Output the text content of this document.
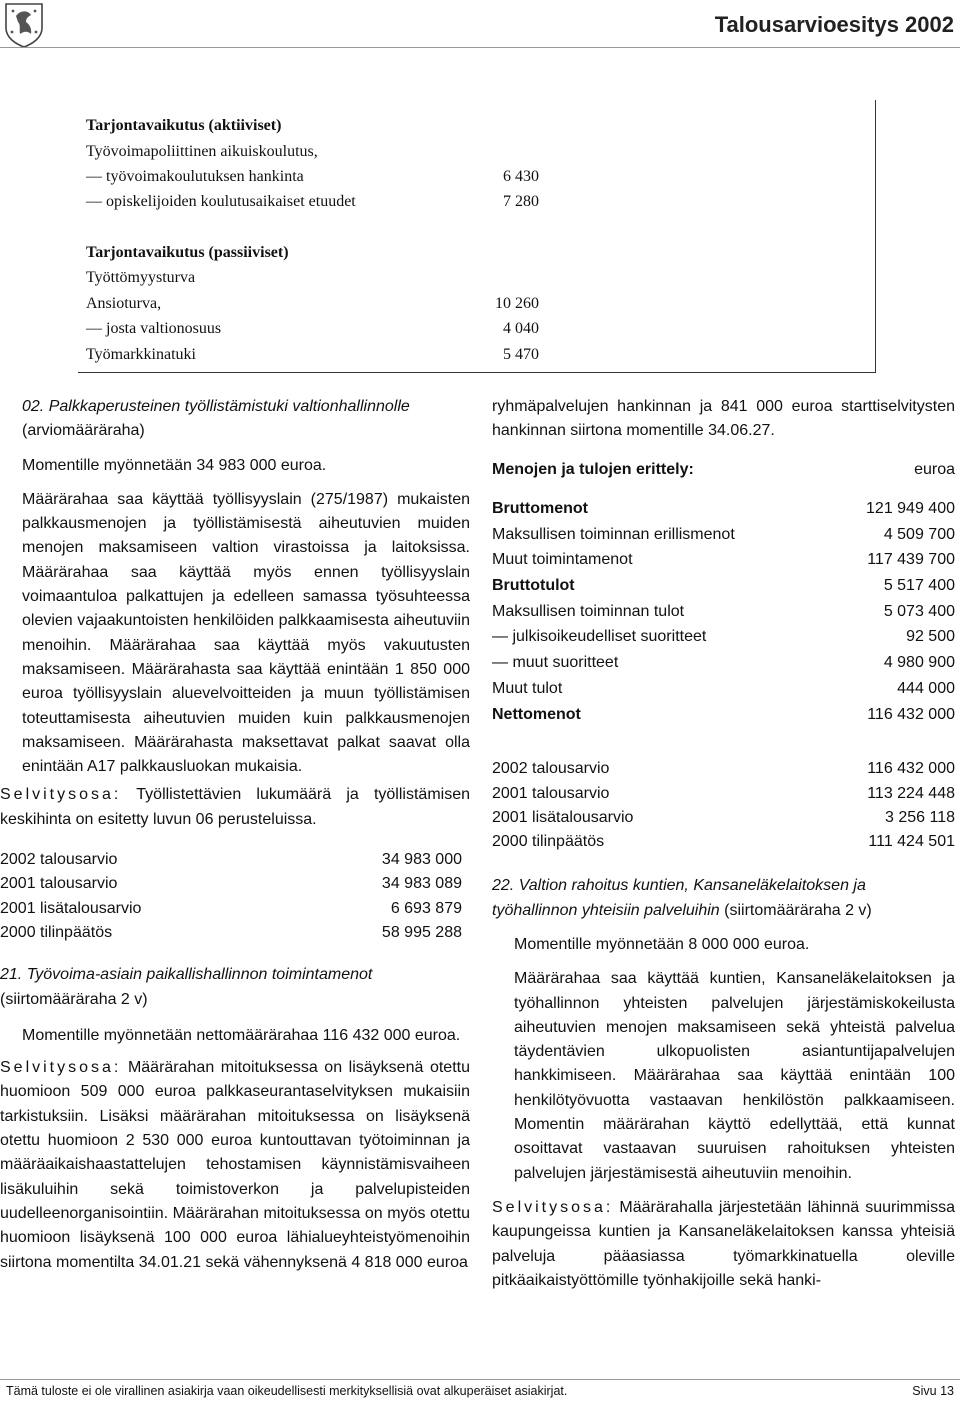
Talousarvioesitys 2002
Tarjontavaikutus (aktiiviset)
Työvoimapoliittinen aikuiskoulutus,
— työvoimakoulutuksen hankinta	6 430
— opiskelijoiden koulutusaikaiset etuudet	7 280
Tarjontavaikutus (passiiviset)
Työttömyysturva
Ansioturva,	10 260
— josta valtionosuus	4 040
Työmarkkinatuki	5 470

02. Palkkaperusteinen työllistämistuki valtionhallinnolle (arviomääräraha)

Momentille myönnetään 34 983 000 euroa.

Määrärahaa saa käyttää työllisyyslain (275/1987) mukaisten palkkausmenojen ja työllistämisestä aiheutuvien muiden menojen maksamiseen valtion virastoissa ja laitoksissa. Määrärahaa saa käyttää myös ennen työllisyyslain voimaantuloa palkattujen ja edelleen samassa työsuhteessa olevien vajaakuntoisten henkilöiden palkkaamisesta aiheutuviin menoihin. Määrärahaa saa käyttää myös vakuutusten maksamiseen. Määrärahasta saa käyttää enintään 1 850 000 euroa työllisyyslain aluevelvoitteiden ja muun työllistämisen toteuttamisesta aiheutuvien muiden kuin palkkausmenojen maksamiseen. Määrärahasta maksettavat palkat saavat olla enintään A17 palkkausluokan mukaisia.

Selvitysosa: Työllistettävien lukumäärä ja työllistämisen keskihinta on esitetty luvun 06 perusteluissa.

2002 talousarvio	34 983 000
2001 talousarvio	34 983 089
2001 lisätalousarvio	6 693 879
2000 tilinpäätös	58 995 288

21. Työvoima-asiain paikallishallinnon toimintamenot (siirtomääräraha 2 v)

Momentille myönnetään nettomäärärahaa 116 432 000 euroa.

Selvitysosa: Määrärahan mitoituksessa on lisäyksenä otettu huomioon 509 000 euroa palkkaseurantaselvityksen mukaisiin tarkistuksiin. Lisäksi määrärahan mitoituksessa on lisäyksenä otettu huomioon 2 530 000 euroa kuntouttavan työtoiminnan ja määräaikaishaastattelujen tehostamisen käynnistämisvaiheen lisäkuluihin sekä toimistoverkon ja palvelupisteiden uudelleenorganisointiin. Määrärahan mitoituksessa on myös otettu huomioon lisäyksenä 100 000 euroa lähialueyhteistyömenoihin siirtona momentilta 34.01.21 sekä vähennyksenä 4 818 000 euroa

ryhmäpalvelujen hankinnan ja 841 000 euroa starttiselvitysten hankinnan siirtona momentille 34.06.27.

Menojen ja tulojen erittely:	euroa
Bruttomenot	121 949 400
Maksullisen toiminnan erillismenot	4 509 700
Muut toimintamenot	117 439 700
Bruttotulot	5 517 400
Maksullisen toiminnan tulot	5 073 400
— julkisoikeudelliset suoritteet	92 500
— muut suoritteet	4 980 900
Muut tulot	444 000
Nettomenot	116 432 000
2002 talousarvio	116 432 000
2001 talousarvio	113 224 448
2001 lisätalousarvio	3 256 118
2000 tilinpäätös	111 424 501

22. Valtion rahoitus kuntien, Kansaneläkelaitoksen ja työhallinnon yhteisiin palveluihin (siirtomääräraha 2 v)

Momentille myönnetään 8 000 000 euroa.

Määrärahaa saa käyttää kuntien, Kansaneläkelaitoksen ja työhallinnon yhteisten palvelujen järjestämiskokeilusta aiheutuvien menojen maksamiseen sekä yhteistä palvelua täydentävien ulkopuolisten asiantuntijapalvelujen hankkimiseen. Määrärahaa saa käyttää enintään 100 henkilötyövuotta vastaavan henkilöstön palkkaamiseen. Momentin määrärahan käyttö edellyttää, että kunnat osoittavat vastaavan suuruisen rahoituksen yhteisten palvelujen järjestämisestä aiheutuviin menoihin.

Selvitysosa: Määrärahalla järjestetään lähinnä suurimmissa kaupungeissa kuntien ja Kansaneläkelaitoksen kanssa yhteisiä palveluja pääasiassa työmarkkinatuella oleville pitkäaikaistyöttömille työnhakijoille sekä hanki-

Tämä tuloste ei ole virallinen asiakirja vaan oikeudellisesti merkityksellisiä ovat alkuperäiset asiakirjat.	Sivu 13
